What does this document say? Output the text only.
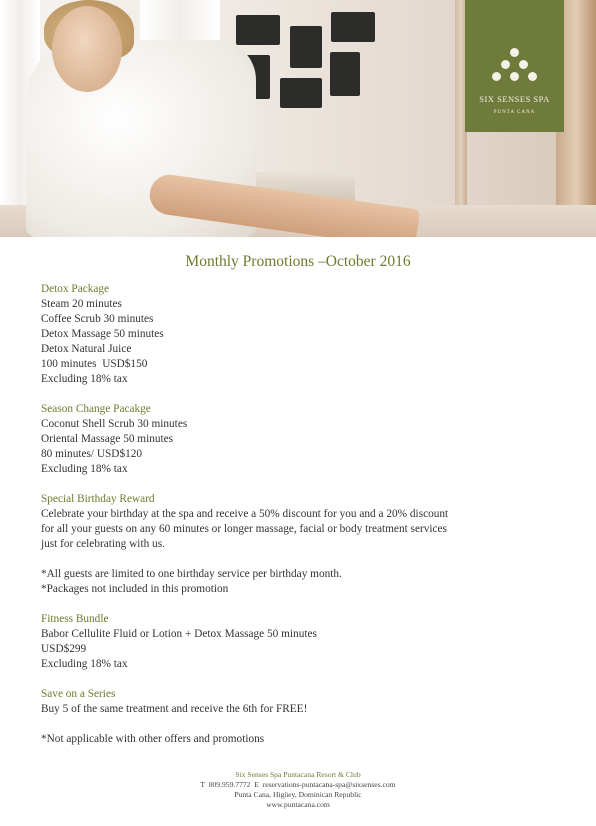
SIX SENSES SPA
PUNTA CANA
Monthly Promotions –October 2016
Detox Package
Steam 20 minutes
Coffee Scrub 30 minutes
Detox Massage 50 minutes
Detox Natural Juice
100 minutes  USD$150
Excluding 18% tax
Season Change Pacakge
Coconut Shell Scrub 30 minutes
Oriental Massage 50 minutes
80 minutes/ USD$120
Excluding 18% tax
Special Birthday Reward
Celebrate your birthday at the spa and receive a 50% discount for you and a 20% discount
for all your guests on any 60 minutes or longer massage, facial or body treatment services
just for celebrating with us.
*All guests are limited to one birthday service per birthday month.
*Packages not included in this promotion
Fitness Bundle
Babor Cellulite Fluid or Lotion + Detox Massage 50 minutes
USD$299
Excluding 18% tax
Save on a Series
Buy 5 of the same treatment and receive the 6th for FREE!
*Not applicable with other offers and promotions
Six Senses Spa Puntacana Resort & Club
T  809.959.7772  E  reservations-puntacana-spa@sixsenses.com
Punta Cana, Higüey, Dominican Republic
www.puntacana.com
